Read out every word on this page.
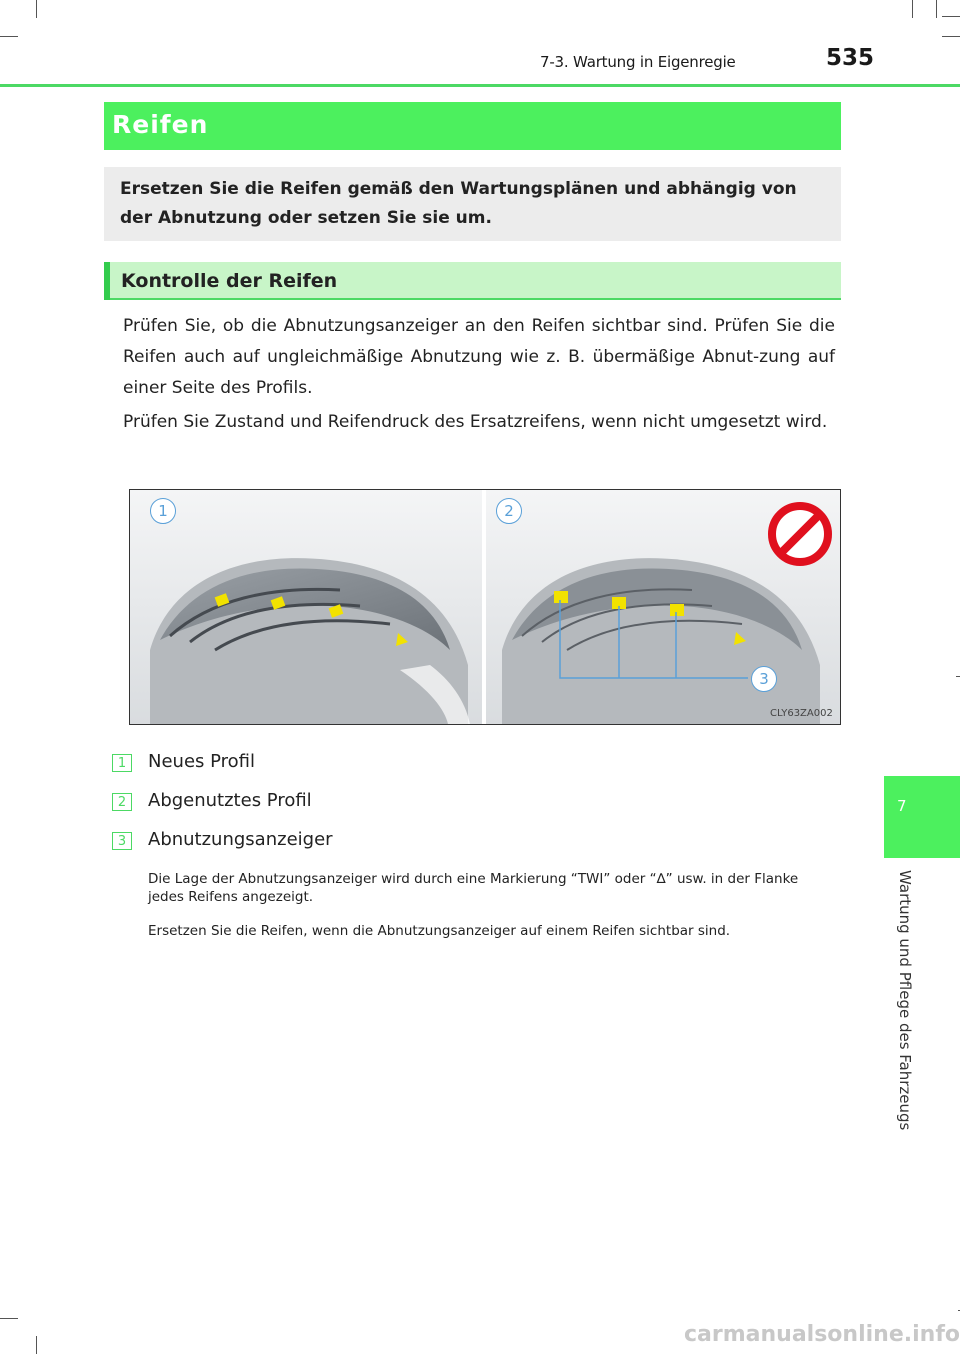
7-3. Wartung in Eigenregie	535
Reifen
Ersetzen Sie die Reifen gemäß den Wartungsplänen und abhängig von der Abnutzung oder setzen Sie sie um.
Kontrolle der Reifen
Prüfen Sie, ob die Abnutzungsanzeiger an den Reifen sichtbar sind. Prüfen Sie die Reifen auch auf ungleichmäßige Abnutzung wie z. B. übermäßige Abnut-zung auf einer Seite des Profils.
Prüfen Sie Zustand und Reifendruck des Ersatzreifens, wenn nicht umgesetzt wird.
1	2
3
CLY63ZA002
1	Neues Profil
2	Abgenutztes Profil
3	Abnutzungsanzeiger
Die Lage der Abnutzungsanzeiger wird durch eine Markierung “TWI” oder “∆” usw. in der Flanke jedes Reifens angezeigt.
Ersetzen Sie die Reifen, wenn die Abnutzungsanzeiger auf einem Reifen sichtbar sind.
7
Wartung und Pflege des Fahrzeugs
carmanualsonline.info
